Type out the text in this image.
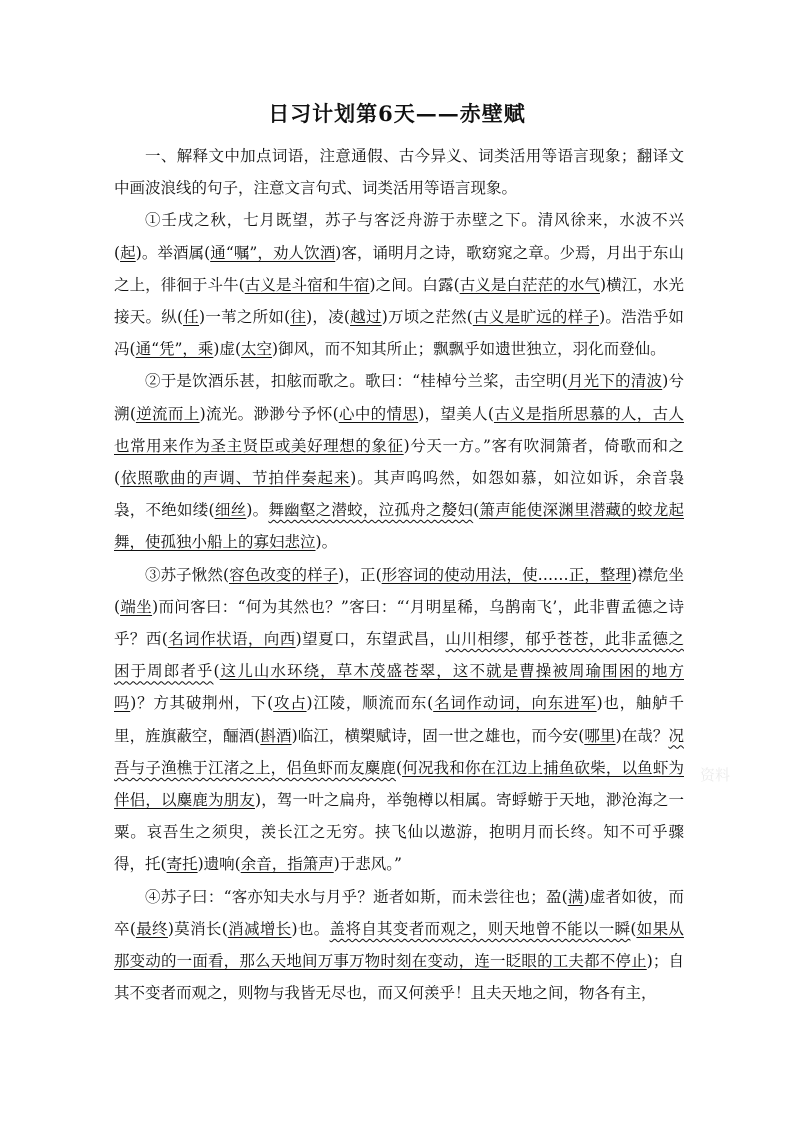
日习计划第6天——赤壁赋

一、解释文中加点词语，注意通假、古今异义、词类活用等语言现象；翻译文中画波浪线的句子，注意文言句式、词类活用等语言现象。

①壬戌之秋，七月既望，苏子与客泛舟游于赤壁之下。清风徐来，水波不兴(起)。举酒属(通“嘱”，劝人饮酒)客，诵明月之诗，歌窈窕之章。少焉，月出于东山之上，徘徊于斗牛(古义是斗宿和牛宿)之间。白露(古义是白茫茫的水气)横江，水光接天。纵(任)一苇之所如(往)，凌(越过)万顷之茫然(古义是旷远的样子)。浩浩乎如冯(通“凭”，乘)虚(太空)御风，而不知其所止；飘飘乎如遗世独立，羽化而登仙。

②于是饮酒乐甚，扣舷而歌之。歌曰：“桂棹兮兰桨，击空明(月光下的清波)兮溯(逆流而上)流光。渺渺兮予怀(心中的情思)，望美人(古义是指所思慕的人，古人也常用来作为圣主贤臣或美好理想的象征)兮天一方。”客有吹洞箫者，倚歌而和之(依照歌曲的声调、节拍伴奏起来)。其声呜呜然，如怨如慕，如泣如诉，余音袅袅，不绝如缕(细丝)。舞幽壑之潜蛟，泣孤舟之嫠妇(箫声能使深渊里潜藏的蛟龙起舞，使孤独小船上的寡妇悲泣)。

③苏子愀然(容色改变的样子)，正(形容词的使动用法，使……正，整理)襟危坐(端坐)而问客曰：“何为其然也？”客曰：“‘月明星稀，乌鹊南飞’，此非曹孟德之诗乎？西(名词作状语，向西)望夏口，东望武昌，山川相缪，郁乎苍苍，此非孟德之困于周郎者乎(这儿山水环绕，草木茂盛苍翠，这不就是曹操被周瑜围困的地方吗)？方其破荆州，下(攻占)江陵，顺流而东(名词作动词，向东进军)也，舳舻千里，旌旗蔽空，酾酒(斟酒)临江，横槊赋诗，固一世之雄也，而今安(哪里)在哉？况吾与子渔樵于江渚之上，侣鱼虾而友麋鹿(何况我和你在江边上捕鱼砍柴，以鱼虾为伴侣，以麋鹿为朋友)，驾一叶之扁舟，举匏樽以相属。寄蜉蝣于天地，渺沧海之一粟。哀吾生之须臾，羡长江之无穷。挟飞仙以遨游，抱明月而长终。知不可乎骤得，托(寄托)遗响(余音，指箫声)于悲风。”

④苏子曰：“客亦知夫水与月乎？逝者如斯，而未尝往也；盈(满)虚者如彼，而卒(最终)莫消长(消减增长)也。盖将自其变者而观之，则天地曾不能以一瞬(如果从那变动的一面看，那么天地间万事万物时刻在变动，连一眨眼的工夫都不停止)；自其不变者而观之，则物与我皆无尽也，而又何羡乎！且夫天地之间，物各有主，

资料
